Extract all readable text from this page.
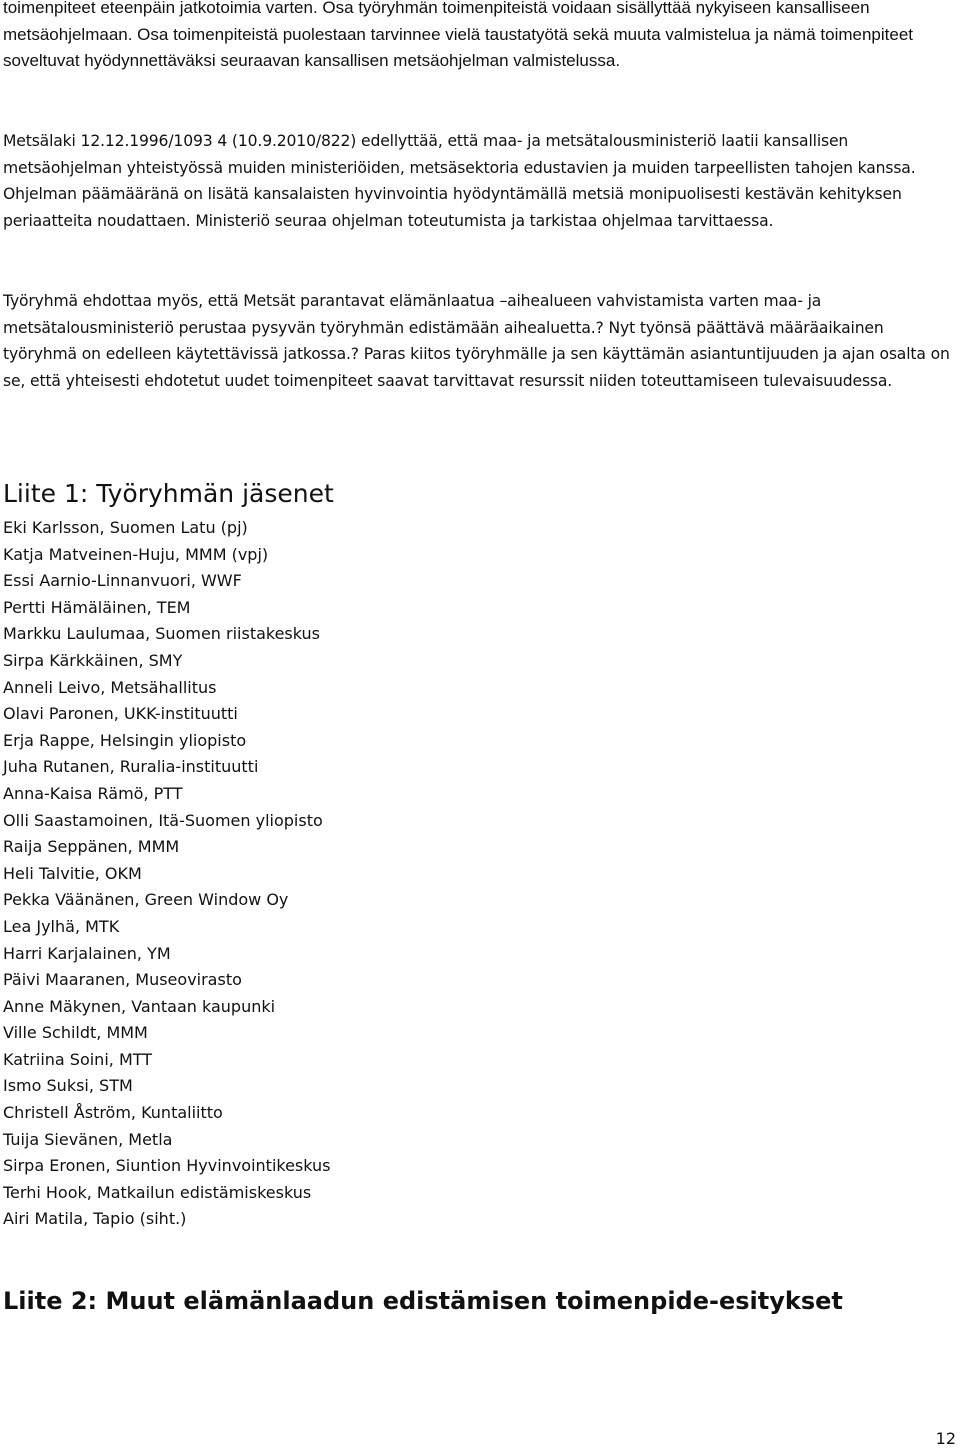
toimenpiteet eteenpäin jatkotoimia varten. Osa työryhmän toimenpiteistä voidaan sisällyttää nykyiseen kansalliseen metsäohjelmaan. Osa toimenpiteistä puolestaan tarvinnee vielä taustatyötä sekä muuta valmistelua ja nämä toimenpiteet soveltuvat hyödynnettäväksi seuraavan kansallisen metsäohjelman valmistelussa.

Metsälaki 12.12.1996/1093 4 (10.9.2010/822) edellyttää, että maa- ja metsätalousministeriö laatii kansallisen metsäohjelman yhteistyössä muiden ministeriöiden, metsäsektoria edustavien ja muiden tarpeellisten tahojen kanssa. Ohjelman päämääränä on lisätä kansalaisten hyvinvointia hyödyntämällä metsiä monipuolisesti kestävän kehityksen periaatteita noudattaen. Ministeriö seuraa ohjelman toteutumista ja tarkistaa ohjelmaa tarvittaessa.

Työryhmä ehdottaa myös, että Metsät parantavat elämänlaatua –aihealueen vahvistamista varten maa- ja metsätalousministeriö perustaa pysyvän työryhmän edistämään aihealuetta.? Nyt työnsä päättävä määräaikainen työryhmä on edelleen käytettävissä jatkossa.? Paras kiitos työryhmälle ja sen käyttämän asiantuntijuuden ja ajan osalta on se, että yhteisesti ehdotetut uudet toimenpiteet saavat tarvittavat resurssit niiden toteuttamiseen tulevaisuudessa.

Liite 1: Työryhmän jäsenet
Eki Karlsson, Suomen Latu (pj)
Katja Matveinen-Huju, MMM (vpj)
Essi Aarnio-Linnanvuori, WWF
Pertti Hämäläinen, TEM
Markku Laulumaa, Suomen riistakeskus
Sirpa Kärkkäinen, SMY
Anneli Leivo, Metsähallitus
Olavi Paronen, UKK-instituutti
Erja Rappe, Helsingin yliopisto
Juha Rutanen, Ruralia-instituutti
Anna-Kaisa Rämö, PTT
Olli Saastamoinen, Itä-Suomen yliopisto
Raija Seppänen, MMM
Heli Talvitie, OKM
Pekka Väänänen, Green Window Oy
Lea Jylhä, MTK
Harri Karjalainen, YM
Päivi Maaranen, Museovirasto
Anne Mäkynen, Vantaan kaupunki
Ville Schildt, MMM
Katriina Soini, MTT
Ismo Suksi, STM
Christell Åström, Kuntaliitto
Tuija Sievänen, Metla
Sirpa Eronen, Siuntion Hyvinvointikeskus
Terhi Hook, Matkailun edistämiskeskus
Airi Matila, Tapio (siht.)
Liite 2: Muut elämänlaadun edistämisen toimenpide-esitykset
12
